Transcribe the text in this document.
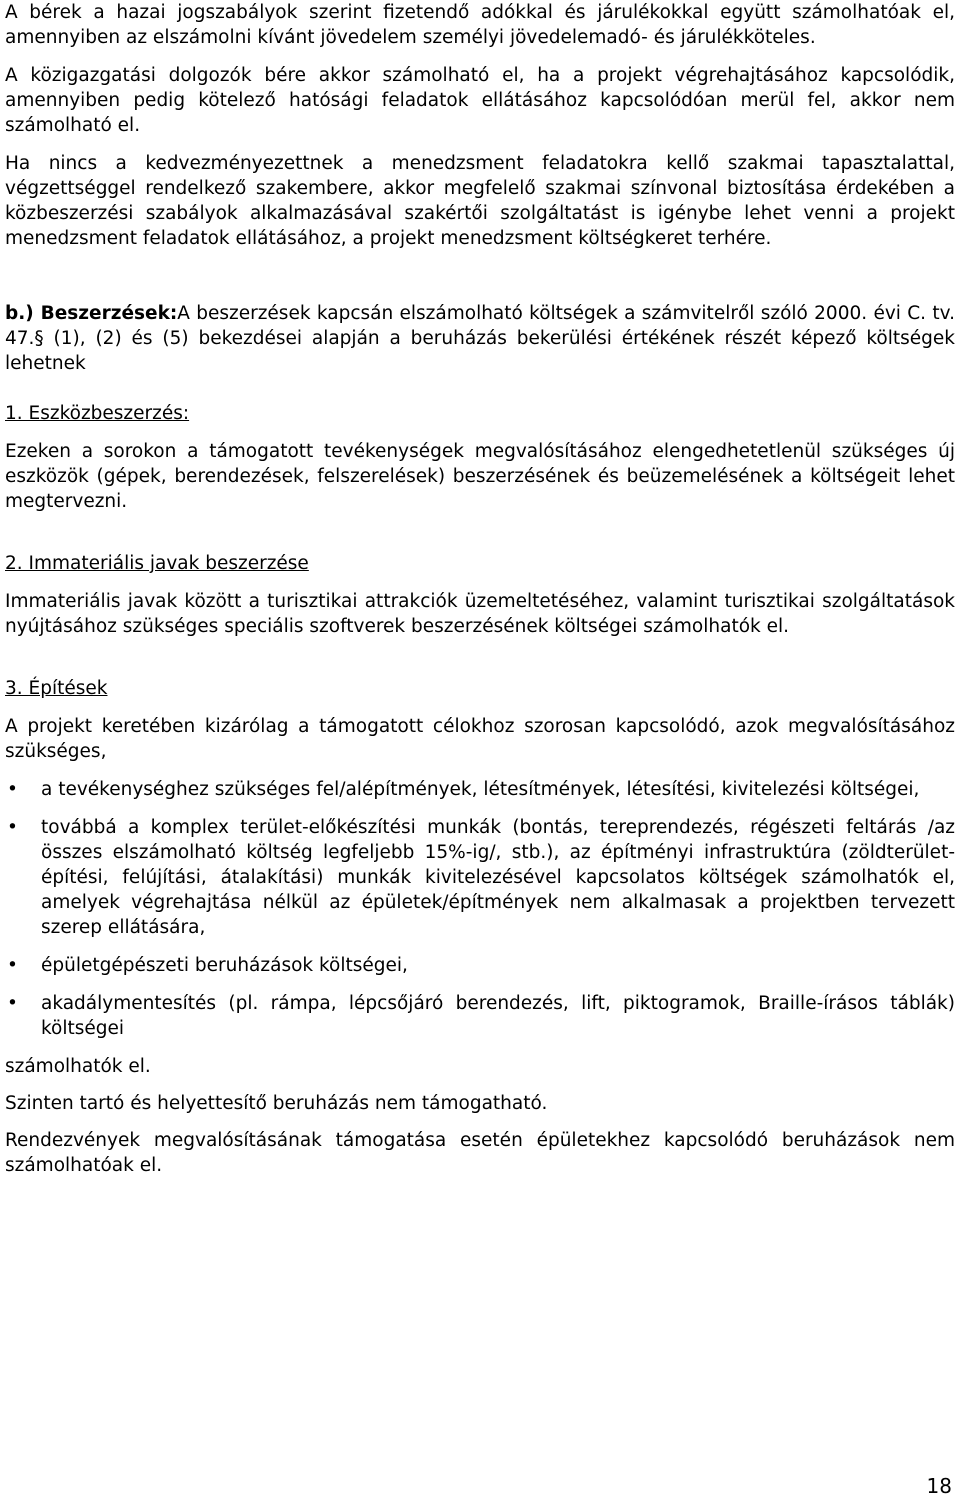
A bérek a hazai jogszabályok szerint fizetendő adókkal és járulékokkal együtt számolhatóak el, amennyiben az elszámolni kívánt jövedelem személyi jövedelemadó- és járulékköteles.

A közigazgatási dolgozók bére akkor számolható el, ha a projekt végrehajtásához kapcsolódik, amennyiben pedig kötelező hatósági feladatok ellátásához kapcsolódóan merül fel, akkor nem számolható el.

Ha nincs a kedvezményezettnek a menedzsment feladatokra kellő szakmai tapasztalattal, végzettséggel rendelkező szakembere, akkor megfelelő szakmai színvonal biztosítása érdekében a közbeszerzési szabályok alkalmazásával szakértői szolgáltatást is igénybe lehet venni a projekt menedzsment feladatok ellátásához, a projekt menedzsment költségkeret terhére.

b.) Beszerzések:A beszerzések kapcsán elszámolható költségek a számvitelről szóló 2000. évi C. tv. 47.§ (1), (2) és (5) bekezdései alapján a beruházás bekerülési értékének részét képező költségek lehetnek

1. Eszközbeszerzés:

Ezeken a sorokon a támogatott tevékenységek megvalósításához elengedhetetlenül szükséges új eszközök (gépek, berendezések, felszerelések) beszerzésének és beüzemelésének a költségeit lehet megtervezni.

2. Immateriális javak beszerzése

Immateriális javak között a turisztikai attrakciók üzemeltetéséhez, valamint turisztikai szolgáltatások nyújtásához szükséges speciális szoftverek beszerzésének költségei számolhatók el.

3. Építések

A projekt keretében kizárólag a támogatott célokhoz szorosan kapcsolódó, azok megvalósításához szükséges,

• a tevékenységhez szükséges fel/alépítmények, létesítmények, létesítési, kivitelezési költségei,
• továbbá a komplex terület-előkészítési munkák (bontás, tereprendezés, régészeti feltárás /az összes elszámolható költség legfeljebb 15%-ig/, stb.), az építményi infrastruktúra (zöldterület-építési, felújítási, átalakítási) munkák kivitelezésével kapcsolatos költségek számolhatók el, amelyek végrehajtása nélkül az épületek/építmények nem alkalmasak a projektben tervezett szerep ellátására,
• épületgépészeti beruházások költségei,
• akadálymentesítés (pl. rámpa, lépcsőjáró berendezés, lift, piktogramok, Braille-írásos táblák) költségei

számolhatók el.

Szinten tartó és helyettesítő beruházás nem támogatható.

Rendezvények megvalósításának támogatása esetén épületekhez kapcsolódó beruházások nem számolhatóak el.

18
